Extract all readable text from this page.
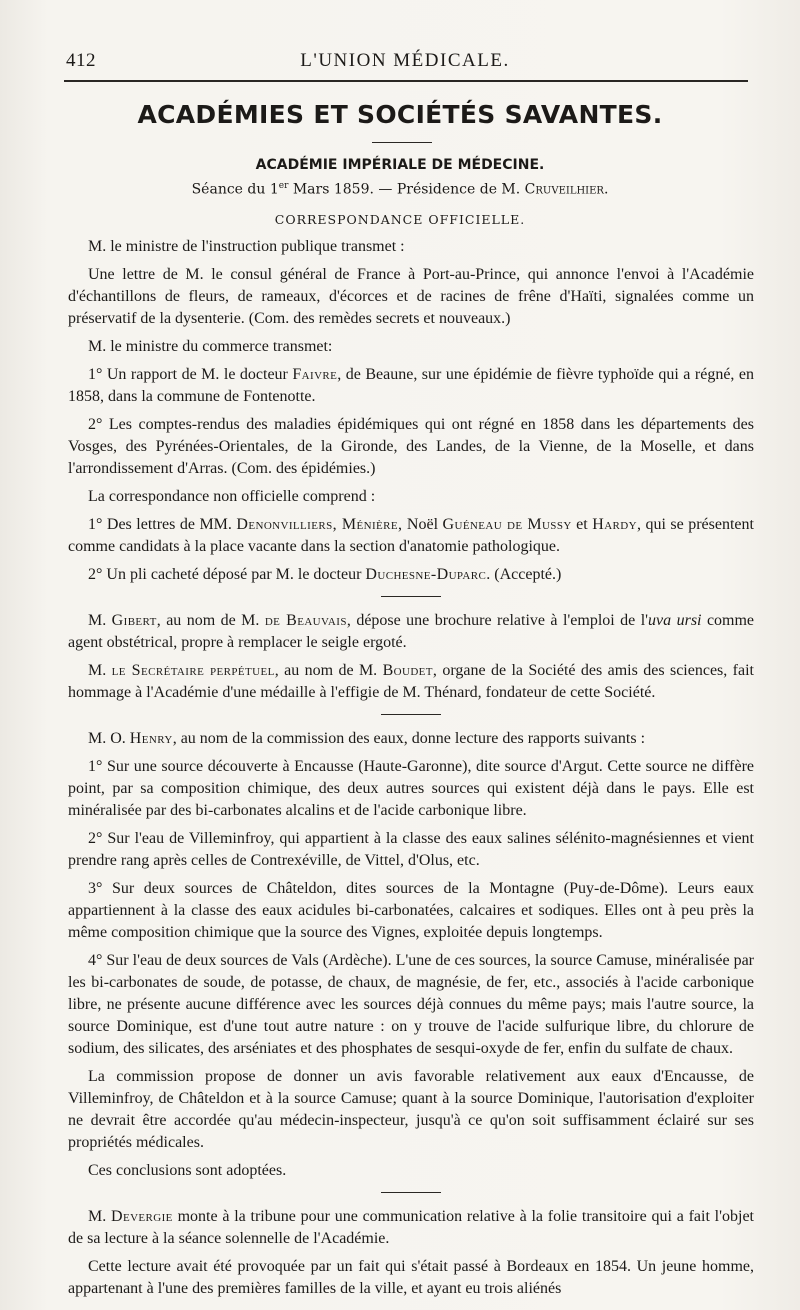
412	L'UNION MÉDICALE.
ACADÉMIES ET SOCIÉTÉS SAVANTES.
ACADÉMIE IMPÉRIALE DE MÉDECINE.
Séance du 1er Mars 1859. — Présidence de M. Cruveilhier.
CORRESPONDANCE OFFICIELLE.

M. le ministre de l'instruction publique transmet :

Une lettre de M. le consul général de France à Port-au-Prince, qui annonce l'envoi à l'Académie d'échantillons de fleurs, de rameaux, d'écorces et de racines de frêne d'Haïti, signalées comme un préservatif de la dysenterie. (Com. des remèdes secrets et nouveaux.)

M. le ministre du commerce transmet:

1° Un rapport de M. le docteur Faivre, de Beaune, sur une épidémie de fièvre typhoïde qui a régné, en 1858, dans la commune de Fontenotte.

2° Les comptes-rendus des maladies épidémiques qui ont régné en 1858 dans les départements des Vosges, des Pyrénées-Orientales, de la Gironde, des Landes, de la Vienne, de la Moselle, et dans l'arrondissement d'Arras. (Com. des épidémies.)

La correspondance non officielle comprend :

1° Des lettres de MM. Denonvilliers, Ménière, Noël Guéneau de Mussy et Hardy, qui se présentent comme candidats à la place vacante dans la section d'anatomie pathologique.

2° Un pli cacheté déposé par M. le docteur Duchesne-Duparc. (Accepté.)

M. Gibert, au nom de M. de Beauvais, dépose une brochure relative à l'emploi de l'uva ursi comme agent obstétrical, propre à remplacer le seigle ergoté.

M. le Secrétaire perpétuel, au nom de M. Boudet, organe de la Société des amis des sciences, fait hommage à l'Académie d'une médaille à l'effigie de M. Thénard, fondateur de cette Société.

M. O. Henry, au nom de la commission des eaux, donne lecture des rapports suivants :

1° Sur une source découverte à Encausse (Haute-Garonne), dite source d'Argut. Cette source ne diffère point, par sa composition chimique, des deux autres sources qui existent déjà dans le pays. Elle est minéralisée par des bi-carbonates alcalins et de l'acide carbonique libre.

2° Sur l'eau de Villeminfroy, qui appartient à la classe des eaux salines sélénito-magnésiennes et vient prendre rang après celles de Contrexéville, de Vittel, d'Olus, etc.

3° Sur deux sources de Châteldon, dites sources de la Montagne (Puy-de-Dôme). Leurs eaux appartiennent à la classe des eaux acidules bi-carbonatées, calcaires et sodiques. Elles ont à peu près la même composition chimique que la source des Vignes, exploitée depuis longtemps.

4° Sur l'eau de deux sources de Vals (Ardèche). L'une de ces sources, la source Camuse, minéralisée par les bi-carbonates de soude, de potasse, de chaux, de magnésie, de fer, etc., associés à l'acide carbonique libre, ne présente aucune différence avec les sources déjà connues du même pays; mais l'autre source, la source Dominique, est d'une tout autre nature : on y trouve de l'acide sulfurique libre, du chlorure de sodium, des silicates, des arséniates et des phosphates de sesqui-oxyde de fer, enfin du sulfate de chaux.

La commission propose de donner un avis favorable relativement aux eaux d'Encausse, de Villeminfroy, de Châteldon et à la source Camuse; quant à la source Dominique, l'autorisation d'exploiter ne devrait être accordée qu'au médecin-inspecteur, jusqu'à ce qu'on soit suffisamment éclairé sur ses propriétés médicales.

Ces conclusions sont adoptées.

M. Devergie monte à la tribune pour une communication relative à la folie transitoire qui a fait l'objet de sa lecture à la séance solennelle de l'Académie.

Cette lecture avait été provoquée par un fait qui s'était passé à Bordeaux en 1854. Un jeune homme, appartenant à l'une des premières familles de la ville, et ayant eu trois aliénés
